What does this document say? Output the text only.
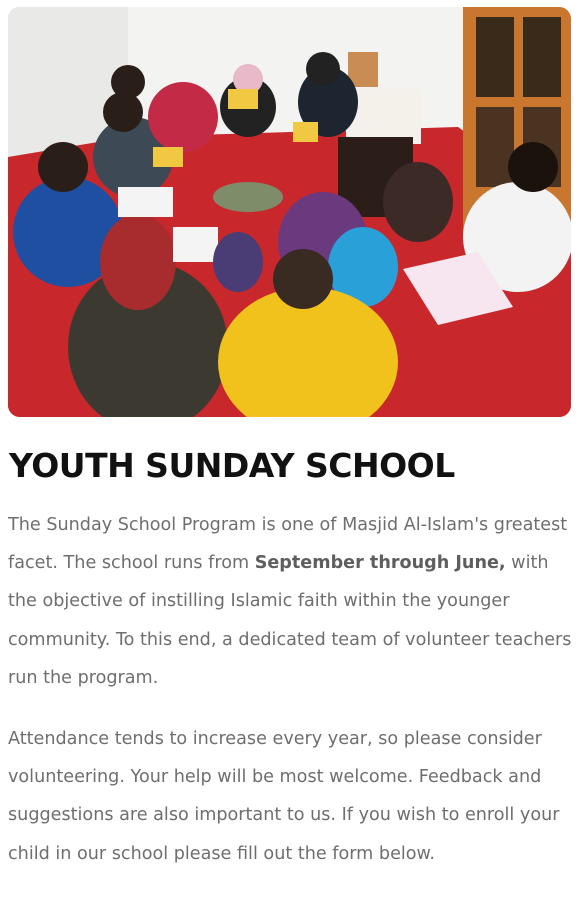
YOUTH SUNDAY SCHOOL

The Sunday School Program is one of Masjid Al-Islam's greatest facet. The school runs from September through June, with the objective of instilling Islamic faith within the younger community. To this end, a dedicated team of volunteer teachers run the program.

Attendance tends to increase every year, so please consider volunteering. Your help will be most welcome. Feedback and suggestions are also important to us. If you wish to enroll your child in our school please fill out the form below.
